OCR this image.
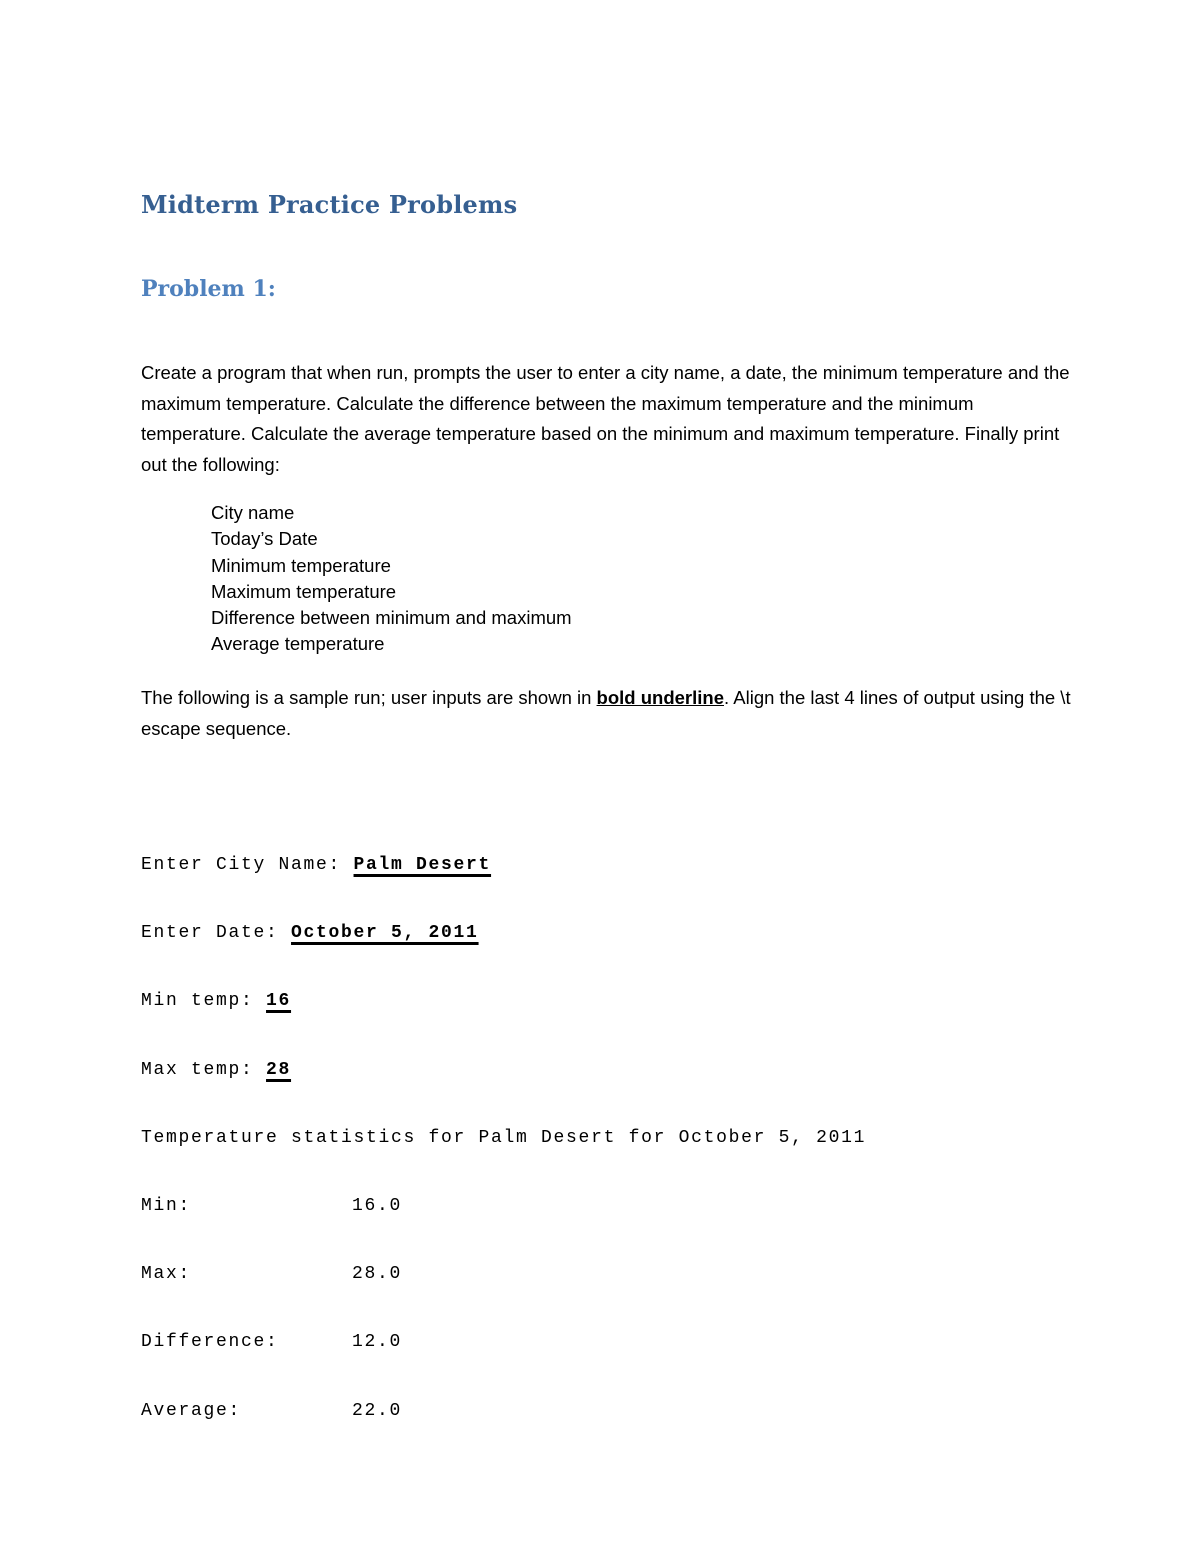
Midterm Practice Problems
Problem 1:

Create a program that when run, prompts the user to enter a city name, a date, the minimum temperature and the maximum temperature. Calculate the difference between the maximum temperature and the minimum temperature. Calculate the average temperature based on the minimum and maximum temperature. Finally print out the following:

City name
Today’s Date
Minimum temperature
Maximum temperature
Difference between minimum and maximum
Average temperature

The following is a sample run; user inputs are shown in bold underline. Align the last 4 lines of output using the \t escape sequence.

Enter City Name: Palm Desert

Enter Date: October 5, 2011

Min temp: 16

Max temp: 28

Temperature statistics for Palm Desert for October 5, 2011

Min:	16.0

Max:	28.0

Difference:	12.0

Average:	22.0
